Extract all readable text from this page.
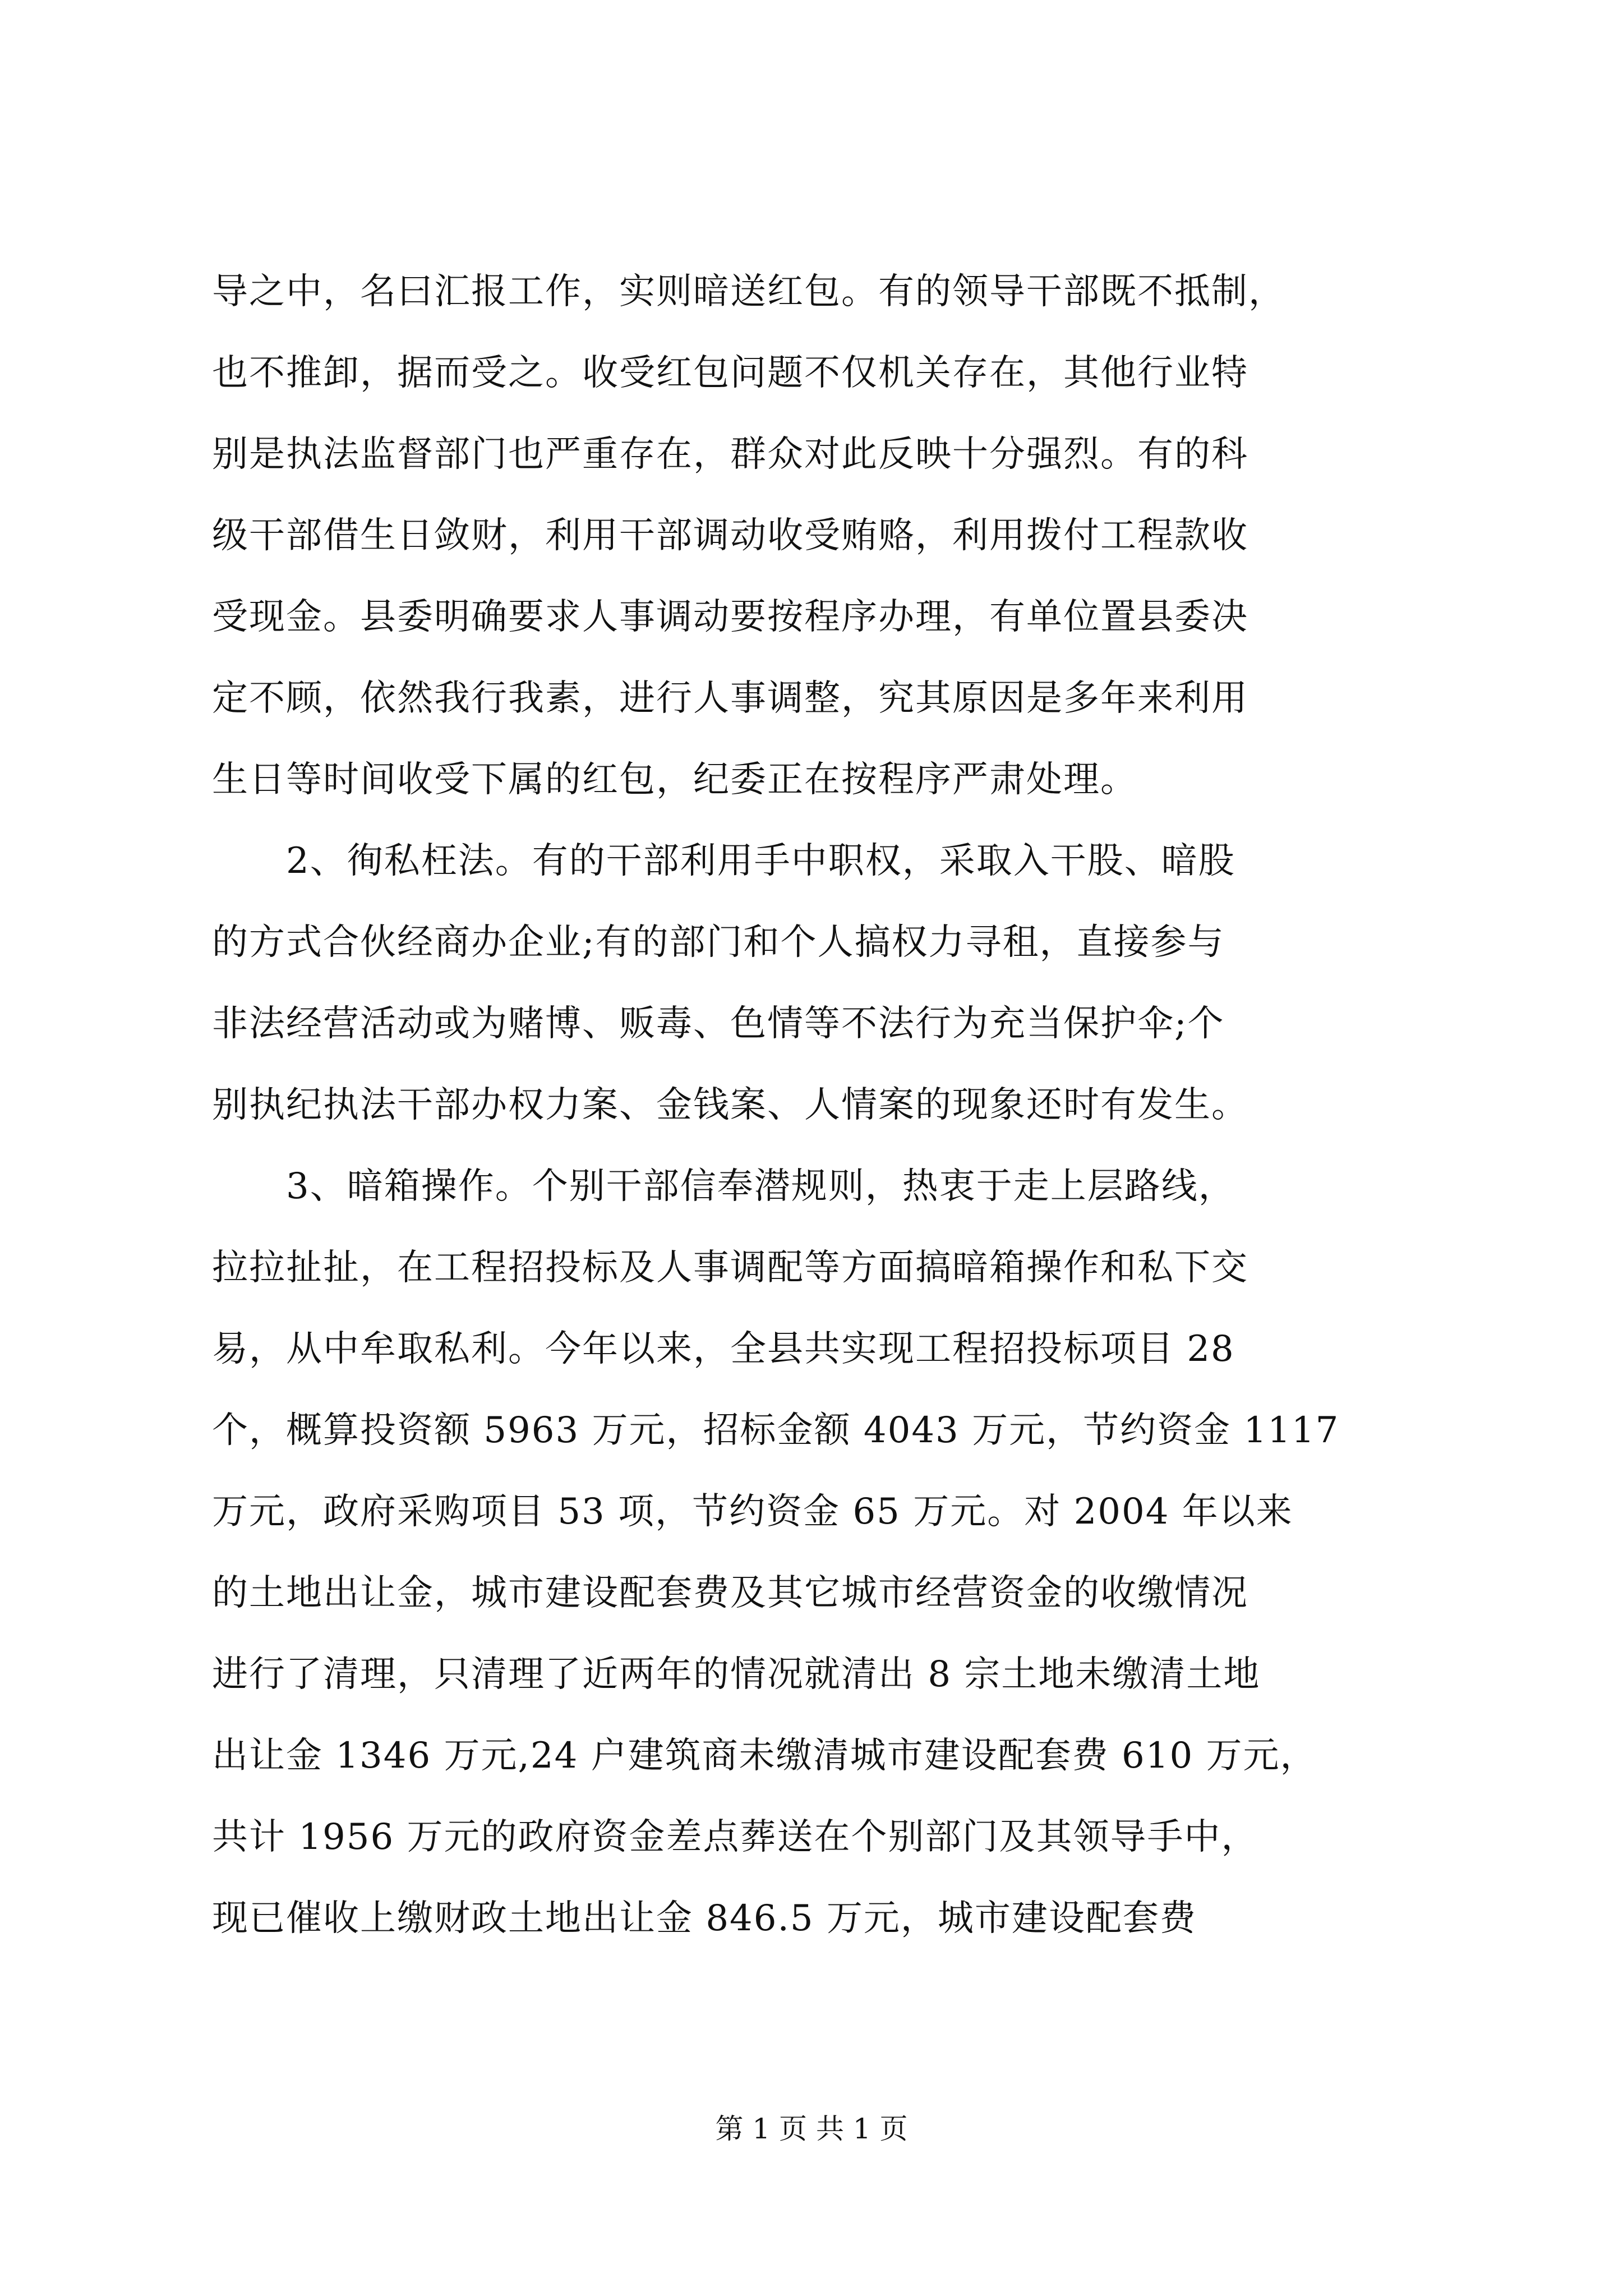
导之中，名曰汇报工作，实则暗送红包。有的领导干部既不抵制，
也不推卸，据而受之。收受红包问题不仅机关存在，其他行业特
别是执法监督部门也严重存在，群众对此反映十分强烈。有的科
级干部借生日敛财，利用干部调动收受贿赂，利用拨付工程款收
受现金。县委明确要求人事调动要按程序办理，有单位置县委决
定不顾，依然我行我素，进行人事调整，究其原因是多年来利用
生日等时间收受下属的红包，纪委正在按程序严肃处理。
　　2、徇私枉法。有的干部利用手中职权，采取入干股、暗股
的方式合伙经商办企业;有的部门和个人搞权力寻租，直接参与
非法经营活动或为赌博、贩毒、色情等不法行为充当保护伞;个
别执纪执法干部办权力案、金钱案、人情案的现象还时有发生。
　　3、暗箱操作。个别干部信奉潜规则，热衷于走上层路线，
拉拉扯扯，在工程招投标及人事调配等方面搞暗箱操作和私下交
易，从中牟取私利。今年以来，全县共实现工程招投标项目 28
个，概算投资额 5963 万元，招标金额 4043 万元，节约资金 1117
万元，政府采购项目 53 项，节约资金 65 万元。对 2004 年以来
的土地出让金，城市建设配套费及其它城市经营资金的收缴情况
进行了清理，只清理了近两年的情况就清出 8 宗土地未缴清土地
出让金 1346 万元,24 户建筑商未缴清城市建设配套费 610 万元，
共计 1956 万元的政府资金差点葬送在个别部门及其领导手中，
现已催收上缴财政土地出让金 846.5 万元，城市建设配套费
第 1 页 共 1 页
